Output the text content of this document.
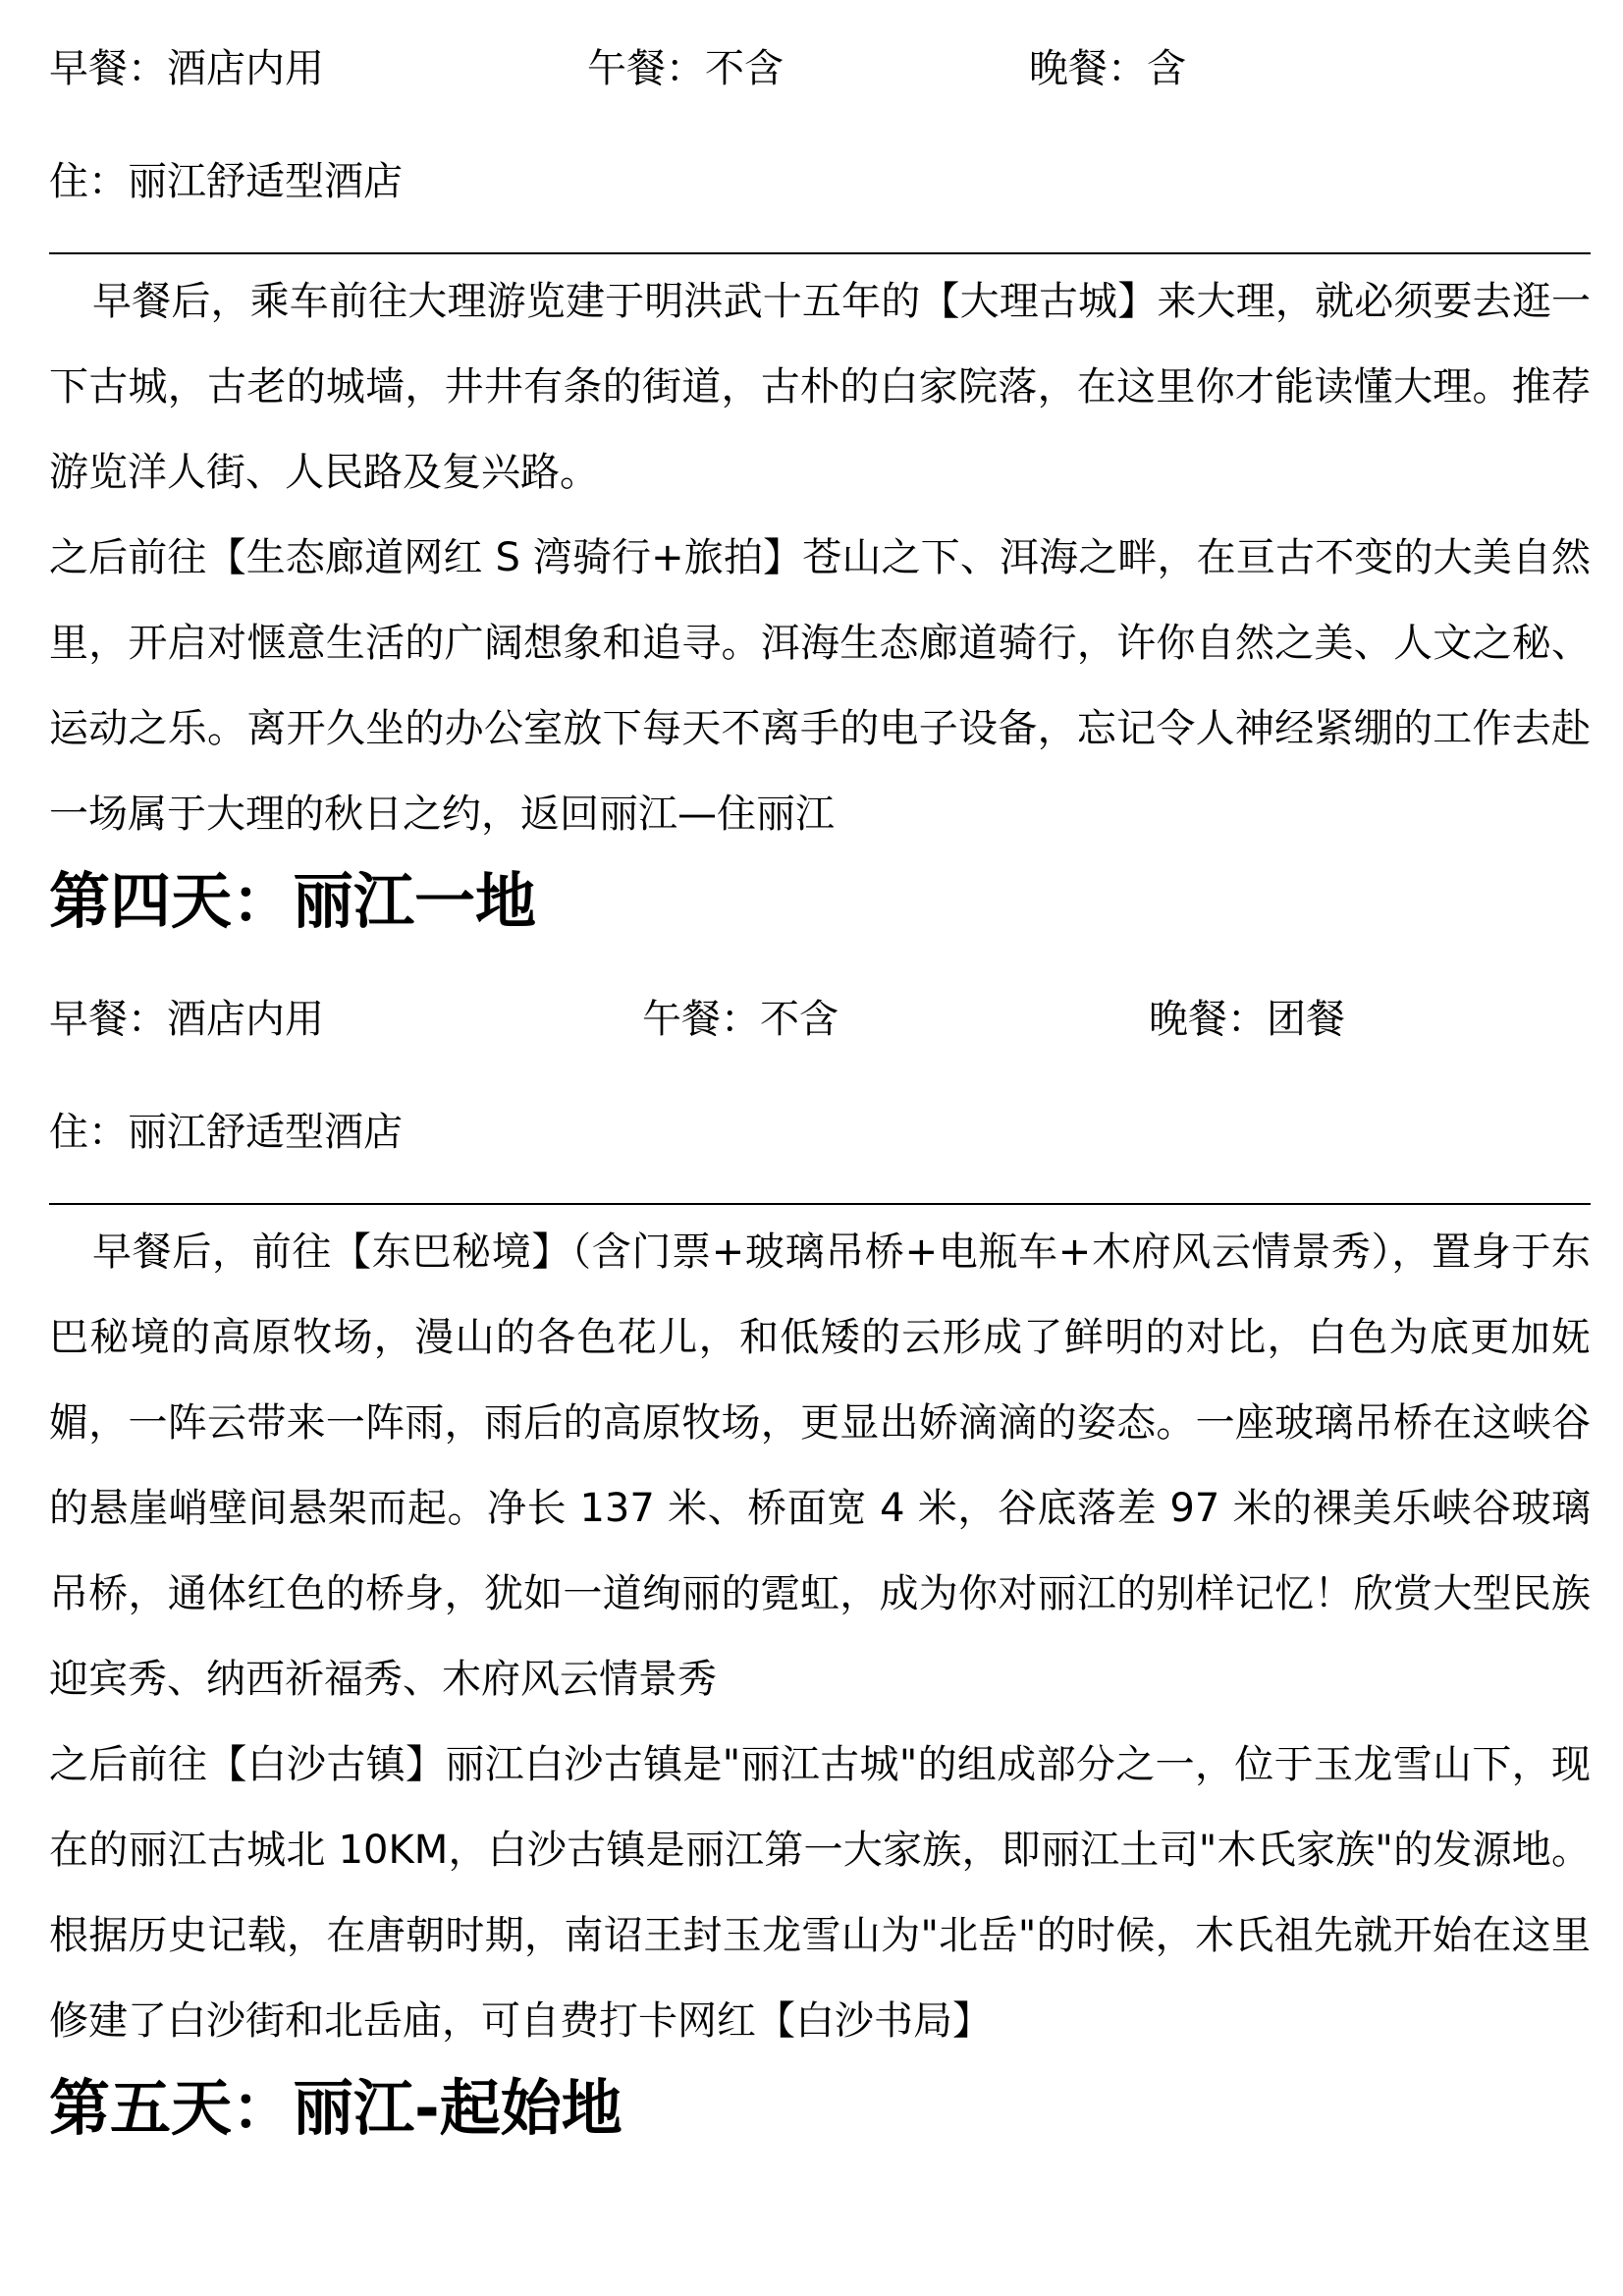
早餐：酒店内用	午餐：不含	晚餐：含
住：丽江舒适型酒店

早餐后，乘车前往大理游览建于明洪武十五年的【大理古城】来大理，就必须要去逛一下古城，古老的城墙，井井有条的街道，古朴的白家院落，在这里你才能读懂大理。推荐游览洋人街、人民路及复兴路。

之后前往【生态廊道网红 S 湾骑行+旅拍】苍山之下、洱海之畔，在亘古不变的大美自然里，开启对惬意生活的广阔想象和追寻。洱海生态廊道骑行，许你自然之美、人文之秘、运动之乐。离开久坐的办公室放下每天不离手的电子设备，忘记令人神经紧绷的工作去赴一场属于大理的秋日之约，返回丽江—住丽江

第四天：丽江一地
早餐：酒店内用	午餐：不含	晚餐：团餐
住：丽江舒适型酒店

早餐后，前往【东巴秘境】（含门票+玻璃吊桥+电瓶车+木府风云情景秀），置身于东巴秘境的高原牧场，漫山的各色花儿，和低矮的云形成了鲜明的对比，白色为底更加妩媚，一阵云带来一阵雨，雨后的高原牧场，更显出娇滴滴的姿态。一座玻璃吊桥在这峡谷的悬崖峭壁间悬架而起。净长 137 米、桥面宽 4 米，谷底落差 97 米的裸美乐峡谷玻璃吊桥，通体红色的桥身，犹如一道绚丽的霓虹，成为你对丽江的别样记忆！欣赏大型民族迎宾秀、纳西祈福秀、木府风云情景秀

之后前往【白沙古镇】丽江白沙古镇是"丽江古城"的组成部分之一，位于玉龙雪山下，现在的丽江古城北 10KM，白沙古镇是丽江第一大家族，即丽江土司"木氏家族"的发源地。根据历史记载，在唐朝时期，南诏王封玉龙雪山为"北岳"的时候，木氏祖先就开始在这里修建了白沙街和北岳庙，可自费打卡网红【白沙书局】

第五天：丽江-起始地
